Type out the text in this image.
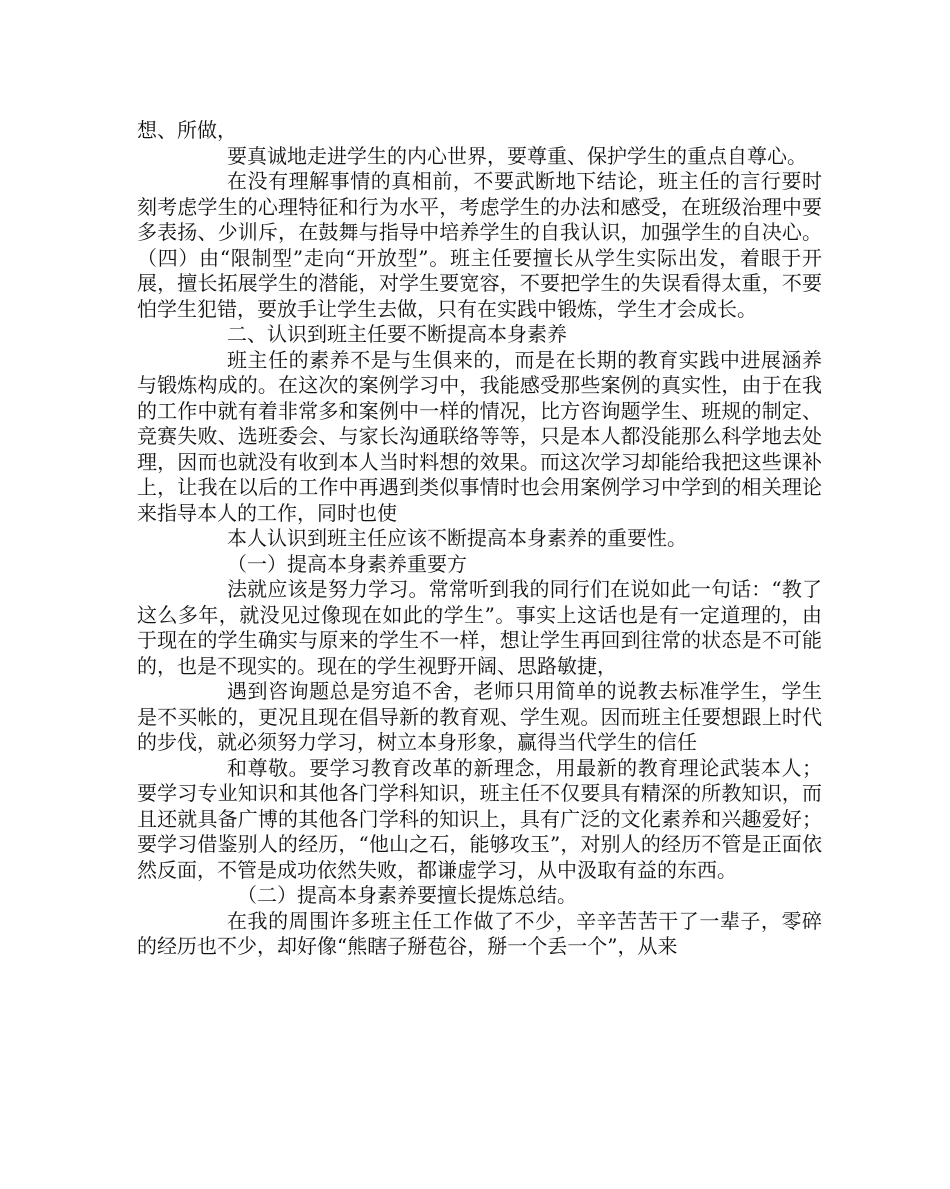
想、所做，

要真诚地走进学生的内心世界，要尊重、保护学生的重点自尊心。

在没有理解事情的真相前，不要武断地下结论，班主任的言行要时刻考虑学生的心理特征和行为水平，考虑学生的办法和感受，在班级治理中要多表扬、少训斥，在鼓舞与指导中培养学生的自我认识，加强学生的自决心。（四）由“限制型”走向“开放型”。班主任要擅长从学生实际出发，着眼于开展，擅长拓展学生的潜能，对学生要宽容，不要把学生的失误看得太重，不要怕学生犯错，要放手让学生去做，只有在实践中锻炼，学生才会成长。

二、认识到班主任要不断提高本身素养

班主任的素养不是与生俱来的，而是在长期的教育实践中进展涵养与锻炼构成的。在这次的案例学习中，我能感受那些案例的真实性，由于在我的工作中就有着非常多和案例中一样的情况，比方咨询题学生、班规的制定、竞赛失败、选班委会、与家长沟通联络等等，只是本人都没能那么科学地去处理，因而也就没有收到本人当时料想的效果。而这次学习却能给我把这些课补上，让我在以后的工作中再遇到类似事情时也会用案例学习中学到的相关理论来指导本人的工作，同时也使

本人认识到班主任应该不断提高本身素养的重要性。

（一）提高本身素养重要方

法就应该是努力学习。常常听到我的同行们在说如此一句话：“教了这么多年，就没见过像现在如此的学生”。事实上这话也是有一定道理的，由于现在的学生确实与原来的学生不一样，想让学生再回到往常的状态是不可能的，也是不现实的。现在的学生视野开阔、思路敏捷，

遇到咨询题总是穷追不舍，老师只用简单的说教去标准学生，学生是不买帐的，更况且现在倡导新的教育观、学生观。因而班主任要想跟上时代的步伐，就必须努力学习，树立本身形象，赢得当代学生的信任

和尊敬。要学习教育改革的新理念，用最新的教育理论武装本人；要学习专业知识和其他各门学科知识，班主任不仅要具有精深的所教知识，而且还就具备广博的其他各门学科的知识上，具有广泛的文化素养和兴趣爱好；要学习借鉴别人的经历，“他山之石，能够攻玉”，对别人的经历不管是正面依然反面，不管是成功依然失败，都谦虚学习，从中汲取有益的东西。

（二）提高本身素养要擅长提炼总结。

在我的周围许多班主任工作做了不少，辛辛苦苦干了一辈子，零碎的经历也不少，却好像“熊瞎子掰苞谷，掰一个丢一个”，从来
